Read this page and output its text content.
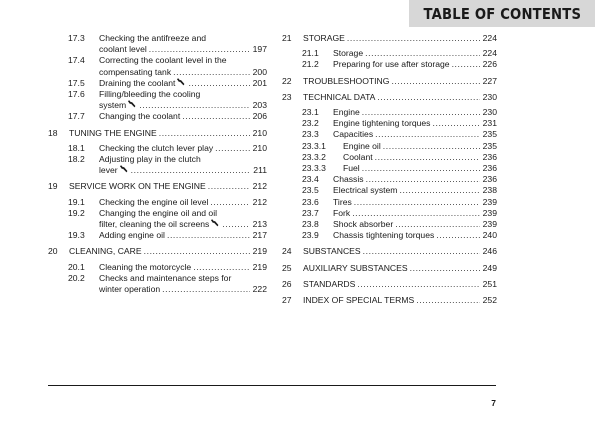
TABLE OF CONTENTS
17.3 Checking the antifreeze and
coolant level .....	197
17.4 Correcting the coolant level in the
compensating tank .....	200
17.5 Draining the coolant .....	201
17.6 Filling/bleeding the cooling
system .....	203
17.7 Changing the coolant .....	206
18 TUNING THE ENGINE .....	210
18.1 Checking the clutch lever play .....	210
18.2 Adjusting play in the clutch
lever .....	211
19 SERVICE WORK ON THE ENGINE .....	212
19.1 Checking the engine oil level .....	212
19.2 Changing the engine oil and oil
filter, cleaning the oil screens .....	213
19.3 Adding engine oil .....	217
20 CLEANING, CARE .....	219
20.1 Cleaning the motorcycle .....	219
20.2 Checks and maintenance steps for
winter operation .....	222
21 STORAGE .....	224
21.1 Storage .....	224
21.2 Preparing for use after storage .....	226
22 TROUBLESHOOTING .....	227
23 TECHNICAL DATA .....	230
23.1 Engine .....	230
23.2 Engine tightening torques .....	231
23.3 Capacities .....	235
23.3.1 Engine oil .....	235
23.3.2 Coolant .....	236
23.3.3 Fuel .....	236
23.4 Chassis .....	236
23.5 Electrical system .....	238
23.6 Tires .....	239
23.7 Fork .....	239
23.8 Shock absorber .....	239
23.9 Chassis tightening torques .....	240
24 SUBSTANCES .....	246
25 AUXILIARY SUBSTANCES .....	249
26 STANDARDS .....	251
27 INDEX OF SPECIAL TERMS .....	252
7
